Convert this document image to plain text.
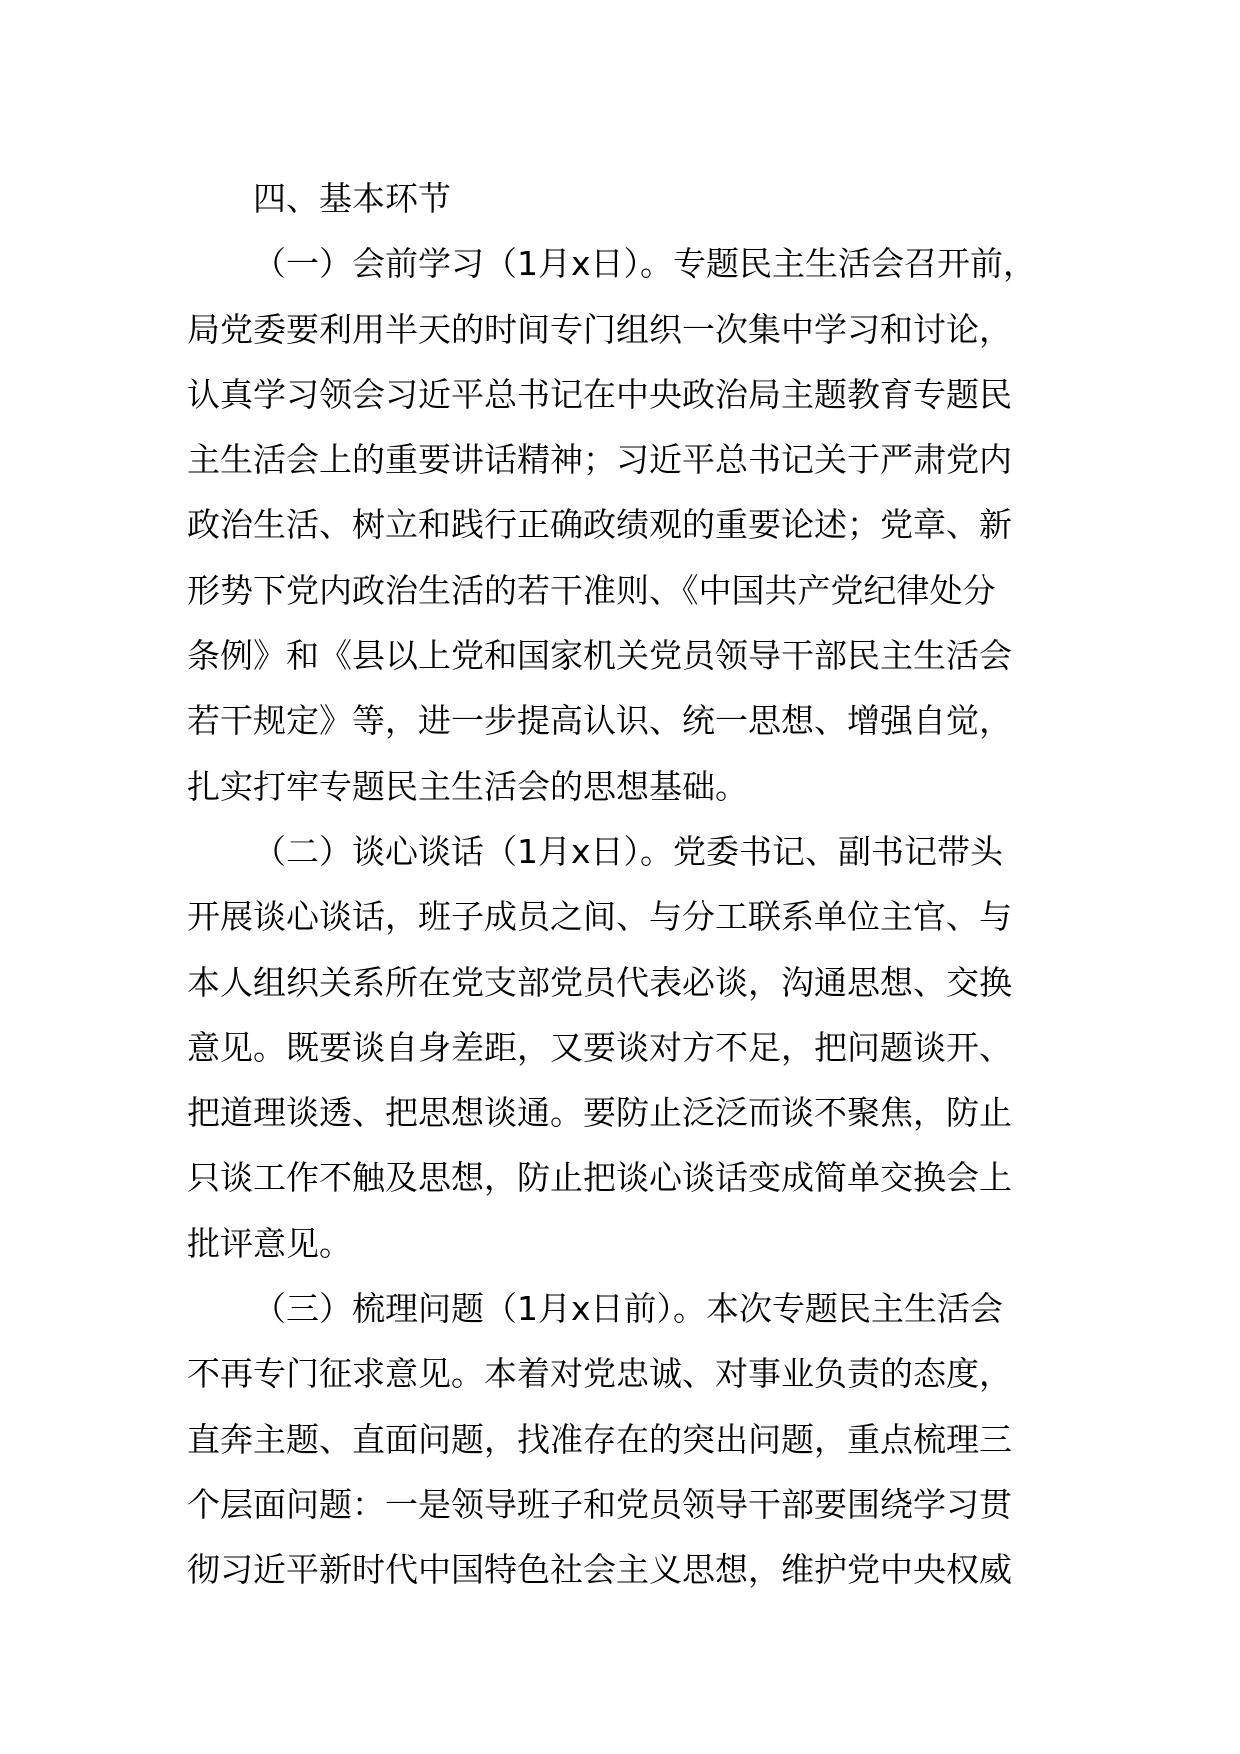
四、基本环节
（一）会前学习（1月x日）。专题民主生活会召开前，
局党委要利用半天的时间专门组织一次集中学习和讨论，
认真学习领会习近平总书记在中央政治局主题教育专题民
主生活会上的重要讲话精神；习近平总书记关于严肃党内
政治生活、树立和践行正确政绩观的重要论述；党章、新
形势下党内政治生活的若干准则、《中国共产党纪律处分
条例》和《县以上党和国家机关党员领导干部民主生活会
若干规定》等，进一步提高认识、统一思想、增强自觉，
扎实打牢专题民主生活会的思想基础。
（二）谈心谈话（1月x日）。党委书记、副书记带头
开展谈心谈话，班子成员之间、与分工联系单位主官、与
本人组织关系所在党支部党员代表必谈，沟通思想、交换
意见。既要谈自身差距，又要谈对方不足，把问题谈开、
把道理谈透、把思想谈通。要防止泛泛而谈不聚焦，防止
只谈工作不触及思想，防止把谈心谈话变成简单交换会上
批评意见。
（三）梳理问题（1月x日前）。本次专题民主生活会
不再专门征求意见。本着对党忠诚、对事业负责的态度，
直奔主题、直面问题，找准存在的突出问题，重点梳理三
个层面问题：一是领导班子和党员领导干部要围绕学习贯
彻习近平新时代中国特色社会主义思想，维护党中央权威
